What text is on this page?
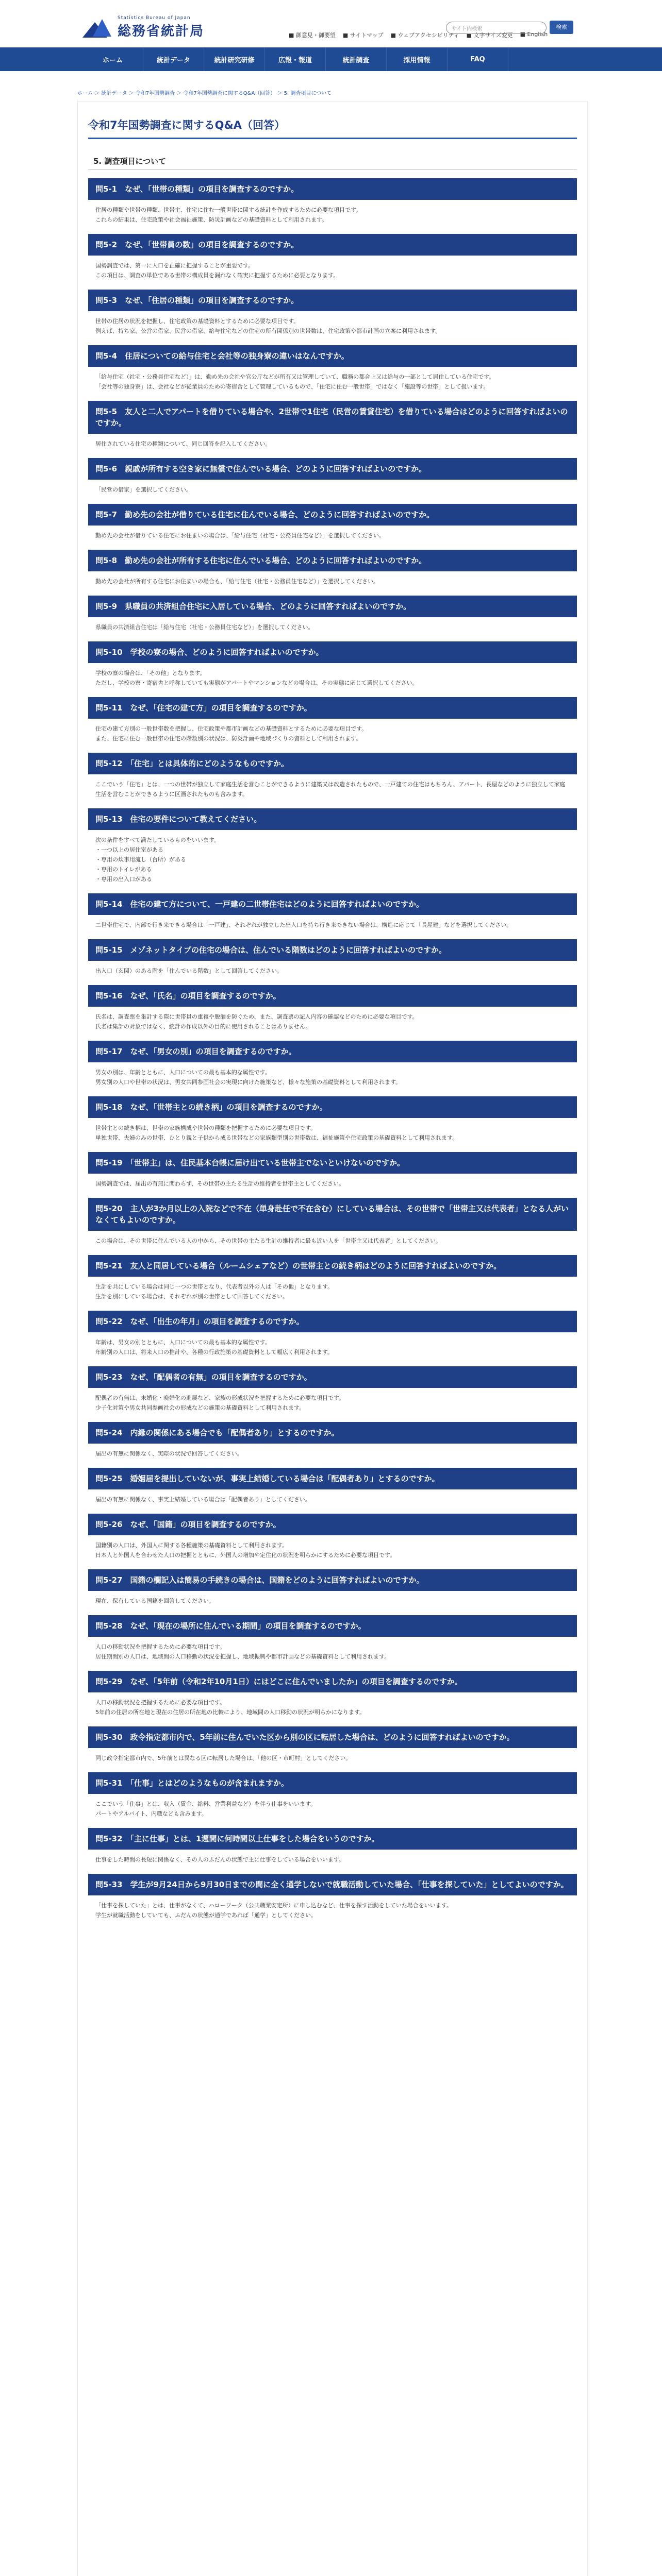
Statistics Bureau of Japan
総務省統計局	■ 御意見・御要望 ■ サイトマップ ■ ウェブアクセシビリティ ■ 文字サイズ変更 ■ English
サイト内検索	検索
ホーム	統計データ	統計研究研修	広報・報道	統計調査	採用情報	FAQ
ホーム ＞ 統計データ ＞ 令和7年国勢調査 ＞ 令和7年国勢調査に関するQ&A（回答） ＞ 5. 調査項目について
令和7年国勢調査に関するQ&A（回答）
5. 調査項目について
問5-1　なぜ、「世帯の種類」の項目を調査するのですか。

住居の種類や世帯の種類、世帯主、住宅に住む一般世帯に関する統計を作成するために必要な項目です。

これらの結果は、住宅政策や社会福祉施策、防災計画などの基礎資料として利用されます。

問5-2　なぜ、「世帯員の数」の項目を調査するのですか。

国勢調査では、第一に人口を正確に把握することが重要です。

この項目は、調査の単位である世帯の構成員を漏れなく確実に把握するために必要となります。

問5-3　なぜ、「住居の種類」の項目を調査するのですか。

世帯の住居の状況を把握し、住宅政策の基礎資料とするために必要な項目です。

例えば、持ち家、公営の借家、民営の借家、給与住宅などの住宅の所有関係別の世帯数は、住宅政策や都市計画の立案に利用されます。

問5-4　住居についての給与住宅と会社等の独身寮の違いはなんですか。

「給与住宅（社宅・公務員住宅など）」は、勤め先の会社や官公庁などが所有又は管理していて、職務の都合上又は給与の一部として居住している住宅です。

「会社等の独身寮」は、会社などが従業員のための寄宿舎として管理しているもので、「住宅に住む一般世帯」ではなく「施設等の世帯」として扱います。

問5-5　友人と二人でアパートを借りている場合や、2世帯で1住宅（民営の賃貸住宅）を借りている場合はどのように回答すればよいのですか。

居住されている住宅の種類について、同じ回答を記入してください。

問5-6　親戚が所有する空き家に無償で住んでいる場合、どのように回答すればよいのですか。

「民営の借家」を選択してください。

問5-7　勤め先の会社が借りている住宅に住んでいる場合、どのように回答すればよいのですか。

勤め先の会社が借りている住宅にお住まいの場合は、「給与住宅（社宅・公務員住宅など）」を選択してください。

問5-8　勤め先の会社が所有する住宅に住んでいる場合、どのように回答すればよいのですか。

勤め先の会社が所有する住宅にお住まいの場合も、「給与住宅（社宅・公務員住宅など）」を選択してください。

問5-9　県職員の共済組合住宅に入居している場合、どのように回答すればよいのですか。

県職員の共済組合住宅は「給与住宅（社宅・公務員住宅など）」を選択してください。

問5-10　学校の寮の場合、どのように回答すればよいのですか。

学校の寮の場合は、「その他」となります。

ただし、学校の寮・寄宿舎と呼称していても実態がアパートやマンションなどの場合は、その実態に応じて選択してください。

問5-11　なぜ、「住宅の建て方」の項目を調査するのですか。

住宅の建て方別の一般世帯数を把握し、住宅政策や都市計画などの基礎資料とするために必要な項目です。

また、住宅に住む一般世帯の住宅の階数別の状況は、防災計画や地域づくりの資料として利用されます。

問5-12　「住宅」とは具体的にどのようなものですか。

ここでいう「住宅」とは、一つの世帯が独立して家庭生活を営むことができるように建築又は改造されたもので、一戸建ての住宅はもちろん、アパート、長屋などのように独立して家庭生活を営むことができるように区画されたものも含みます。

問5-13　住宅の要件について教えてください。

次の条件をすべて満たしているものをいいます。

・一つ以上の居住室がある

・専用の炊事用流し（台所）がある

・専用のトイレがある

・専用の出入口がある

問5-14　住宅の建て方について、一戸建の二世帯住宅はどのように回答すればよいのですか。

二世帯住宅で、内部で行き来できる場合は「一戸建」、それぞれが独立した出入口を持ち行き来できない場合は、構造に応じて「長屋建」などを選択してください。

問5-15　メゾネットタイプの住宅の場合は、住んでいる階数はどのように回答すればよいのですか。

出入口（玄関）のある階を「住んでいる階数」として回答してください。

問5-16　なぜ、「氏名」の項目を調査するのですか。

氏名は、調査票を集計する際に世帯員の重複や脱漏を防ぐため、また、調査票の記入内容の確認などのために必要な項目です。

氏名は集計の対象ではなく、統計の作成以外の目的に使用されることはありません。

問5-17　なぜ、「男女の別」の項目を調査するのですか。

男女の別は、年齢とともに、人口についての最も基本的な属性です。

男女別の人口や世帯の状況は、男女共同参画社会の実現に向けた施策など、様々な施策の基礎資料として利用されます。

問5-18　なぜ、「世帯主との続き柄」の項目を調査するのですか。

世帯主との続き柄は、世帯の家族構成や世帯の種類を把握するために必要な項目です。

単独世帯、夫婦のみの世帯、ひとり親と子供から成る世帯などの家族類型別の世帯数は、福祉施策や住宅政策の基礎資料として利用されます。

問5-19　「世帯主」は、住民基本台帳に届け出ている世帯主でないといけないのですか。

国勢調査では、届出の有無に関わらず、その世帯の主たる生計の維持者を世帯主としてください。

問5-20　主人が3か月以上の入院などで不在（単身赴任で不在含む）にしている場合は、その世帯で「世帯主又は代表者」となる人がいなくてもよいのですか。

この場合は、その世帯に住んでいる人の中から、その世帯の主たる生計の維持者に最も近い人を「世帯主又は代表者」としてください。

問5-21　友人と同居している場合（ルームシェアなど）の世帯主との続き柄はどのように回答すればよいのですか。

生計を共にしている場合は同じ一つの世帯となり、代表者以外の人は「その他」となります。

生計を別にしている場合は、それぞれが別の世帯として回答してください。

問5-22　なぜ、「出生の年月」の項目を調査するのですか。

年齢は、男女の別とともに、人口についての最も基本的な属性です。

年齢別の人口は、将来人口の推計や、各種の行政施策の基礎資料として幅広く利用されます。

問5-23　なぜ、「配偶者の有無」の項目を調査するのですか。

配偶者の有無は、未婚化・晩婚化の進展など、家族の形成状況を把握するために必要な項目です。

少子化対策や男女共同参画社会の形成などの施策の基礎資料として利用されます。

問5-24　内縁の関係にある場合でも「配偶者あり」とするのですか。

届出の有無に関係なく、実際の状況で回答してください。

問5-25　婚姻届を提出していないが、事実上結婚している場合は「配偶者あり」とするのですか。

届出の有無に関係なく、事実上結婚している場合は「配偶者あり」としてください。

問5-26　なぜ、「国籍」の項目を調査するのですか。

国籍別の人口は、外国人に関する各種施策の基礎資料として利用されます。

日本人と外国人を合わせた人口の把握とともに、外国人の増加や定住化の状況を明らかにするために必要な項目です。

問5-27　国籍の欄記入は簡易の手続きの場合は、国籍をどのように回答すればよいのですか。

現在、保有している国籍を回答してください。

問5-28　なぜ、「現在の場所に住んでいる期間」の項目を調査するのですか。

人口の移動状況を把握するために必要な項目です。

居住期間別の人口は、地域間の人口移動の状況を把握し、地域振興や都市計画などの基礎資料として利用されます。

問5-29　なぜ、「5年前（令和2年10月1日）にはどこに住んでいましたか」の項目を調査するのですか。

人口の移動状況を把握するために必要な項目です。

5年前の住居の所在地と現在の住居の所在地の比較により、地域間の人口移動の状況が明らかになります。

問5-30　政令指定都市内で、5年前に住んでいた区から別の区に転居した場合は、どのように回答すればよいのですか。

同じ政令指定都市内で、5年前とは異なる区に転居した場合は、「他の区・市町村」としてください。

問5-31　「仕事」とはどのようなものが含まれますか。

ここでいう「仕事」とは、収入（賃金、給料、営業利益など）を伴う仕事をいいます。

パートやアルバイト、内職なども含みます。

問5-32　「主に仕事」とは、1週間に何時間以上仕事をした場合をいうのですか。

仕事をした時間の長短に関係なく、その人のふだんの状態で主に仕事をしている場合をいいます。

問5-33　学生が9月24日から9月30日までの間に全く通学しないで就職活動していた場合、「仕事を探していた」としてよいのですか。

「仕事を探していた」とは、仕事がなくて、ハローワーク（公共職業安定所）に申し込むなど、仕事を探す活動をしていた場合をいいます。

学生が就職活動をしていても、ふだんの状態が通学であれば「通学」としてください。
